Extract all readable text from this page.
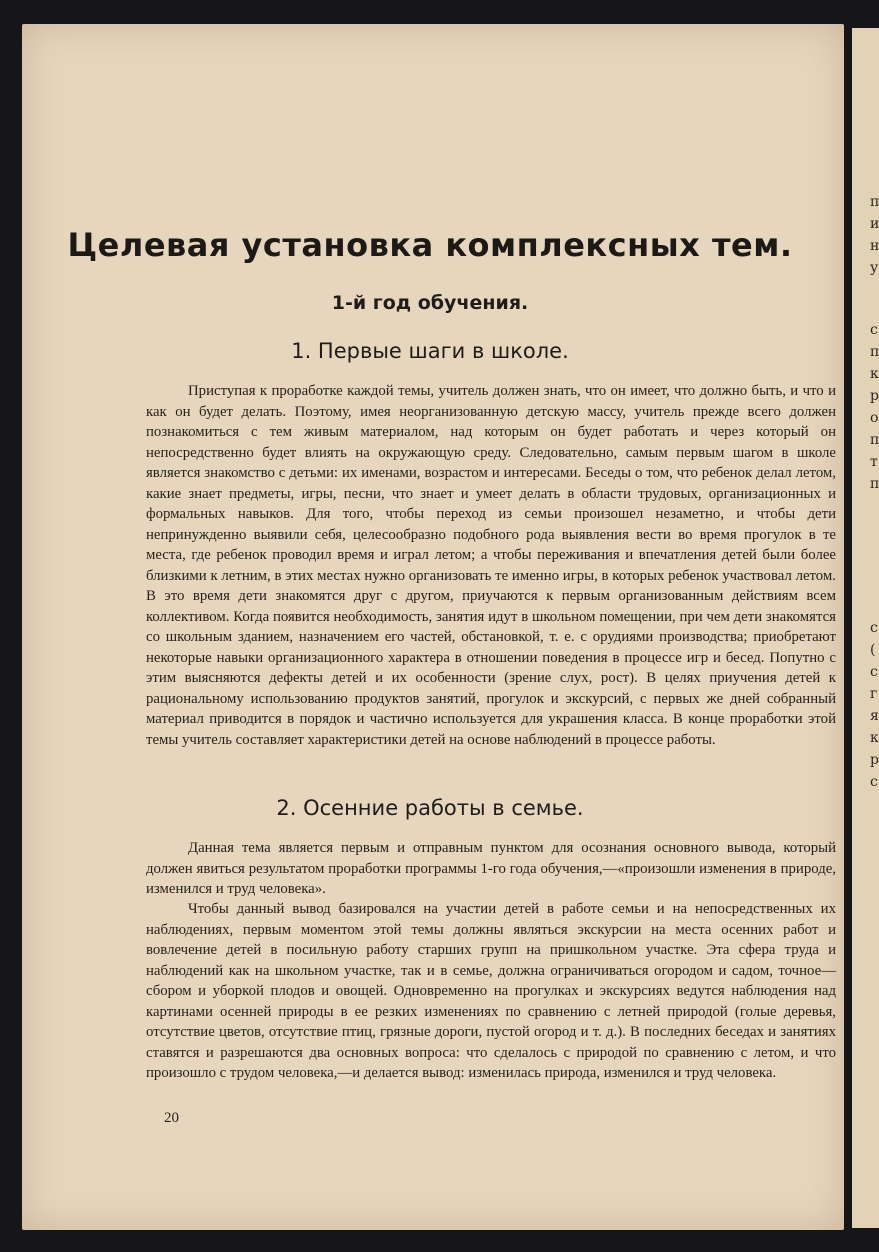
п
и
н
у
с
п
к
р
о
п
т
п
с
(
с
г
я
к
р
с
Целевая установка комплексных тем.
1-й год обучения.
1. Первые шаги в школе.

Приступая к проработке каждой темы, учитель должен знать, что он имеет, что должно быть, и что и как он будет делать. Поэтому, имея неорганизованную детскую массу, учитель прежде всего должен познакомиться с тем живым материалом, над которым он будет работать и через который он непосредственно будет влиять на окружающую среду. Следовательно, самым первым шагом в школе является знакомство с детьми: их именами, возрастом и интересами. Беседы о том, что ребенок делал летом, какие знает предметы, игры, песни, что знает и умеет делать в области трудовых, организационных и формальных навыков. Для того, чтобы переход из семьи произошел незаметно, и чтобы дети непринужденно выявили себя, целесообразно подобного рода выявления вести во время прогулок в те места, где ребенок проводил время и играл летом; а чтобы переживания и впечатления детей были более близкими к летним, в этих местах нужно организовать те именно игры, в которых ребенок участвовал летом. В это время дети знакомятся друг с другом, приучаются к первым организованным действиям всем коллективом. Когда появится необходимость, занятия идут в школьном помещении, при чем дети знакомятся со школьным зданием, назначением его частей, обстановкой, т. е. с орудиями производства; приобретают некоторые навыки организационного характера в отношении поведения в процессе игр и бесед. Попутно с этим выясняются дефекты детей и их особенности (зрение слух, рост). В целях приучения детей к рациональному использованию продуктов занятий, прогулок и экскурсий, с первых же дней собранный материал приводится в порядок и частично используется для украшения класса. В конце проработки этой темы учитель составляет характеристики детей на основе наблюдений в процессе работы.

2. Осенние работы в семье.

Данная тема является первым и отправным пунктом для осознания основного вывода, который должен явиться результатом проработки программы 1-го года обучения,—«произошли изменения в природе, изменился и труд человека».

Чтобы данный вывод базировался на участии детей в работе семьи и на непосредственных их наблюдениях, первым моментом этой темы должны являться экскурсии на места осенних работ и вовлечение детей в посильную работу старших групп на пришкольном участке. Эта сфера труда и наблюдений как на школьном участке, так и в семье, должна ограничиваться огородом и садом, точное—сбором и уборкой плодов и овощей. Одновременно на прогулках и экскурсиях ведутся наблюдения над картинами осенней природы в ее резких изменениях по сравнению с летней природой (голые деревья, отсутствие цветов, отсутствие птиц, грязные дороги, пустой огород и т. д.). В последних беседах и занятиях ставятся и разрешаются два основных вопроса: что сделалось с природой по сравнению с летом, и что произошло с трудом человека,—и делается вывод: изменилась природа, изменился и труд человека.

20
